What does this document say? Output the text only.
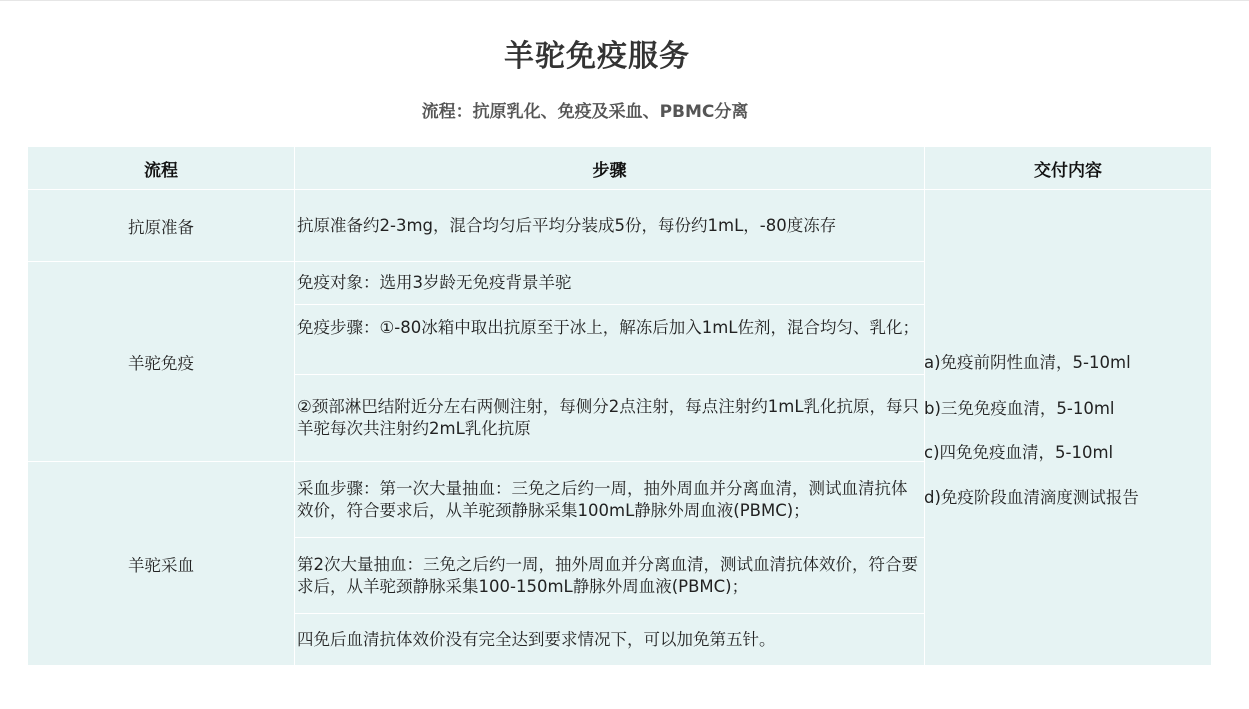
羊驼免疫服务
流程：抗原乳化、免疫及采血、PBMC分离
流程	步骤	交付内容
抗原准备
羊驼免疫
羊驼采血
抗原准备约2-3mg，混合均匀后平均分装成5份，每份约1mL，-80度冻存
免疫对象：选用3岁龄无免疫背景羊驼
免疫步骤：①-80冰箱中取出抗原至于冰上，解冻后加入1mL佐剂，混合均匀、乳化；
②颈部淋巴结附近分左右两侧注射，每侧分2点注射，每点注射约1mL乳化抗原，每只羊驼每次共注射约2mL乳化抗原
采血步骤：第一次大量抽血：三免之后约一周，抽外周血并分离血清，测试血清抗体效价，符合要求后，从羊驼颈静脉采集100mL静脉外周血液(PBMC)；
第2次大量抽血：三免之后约一周，抽外周血并分离血清，测试血清抗体效价，符合要求后，从羊驼颈静脉采集100-150mL静脉外周血液(PBMC)；
四免后血清抗体效价没有完全达到要求情况下，可以加免第五针。
a)免疫前阴性血清，5-10ml
b)三免免疫血清，5-10ml
c)四免免疫血清，5-10ml
d)免疫阶段血清滴度测试报告
